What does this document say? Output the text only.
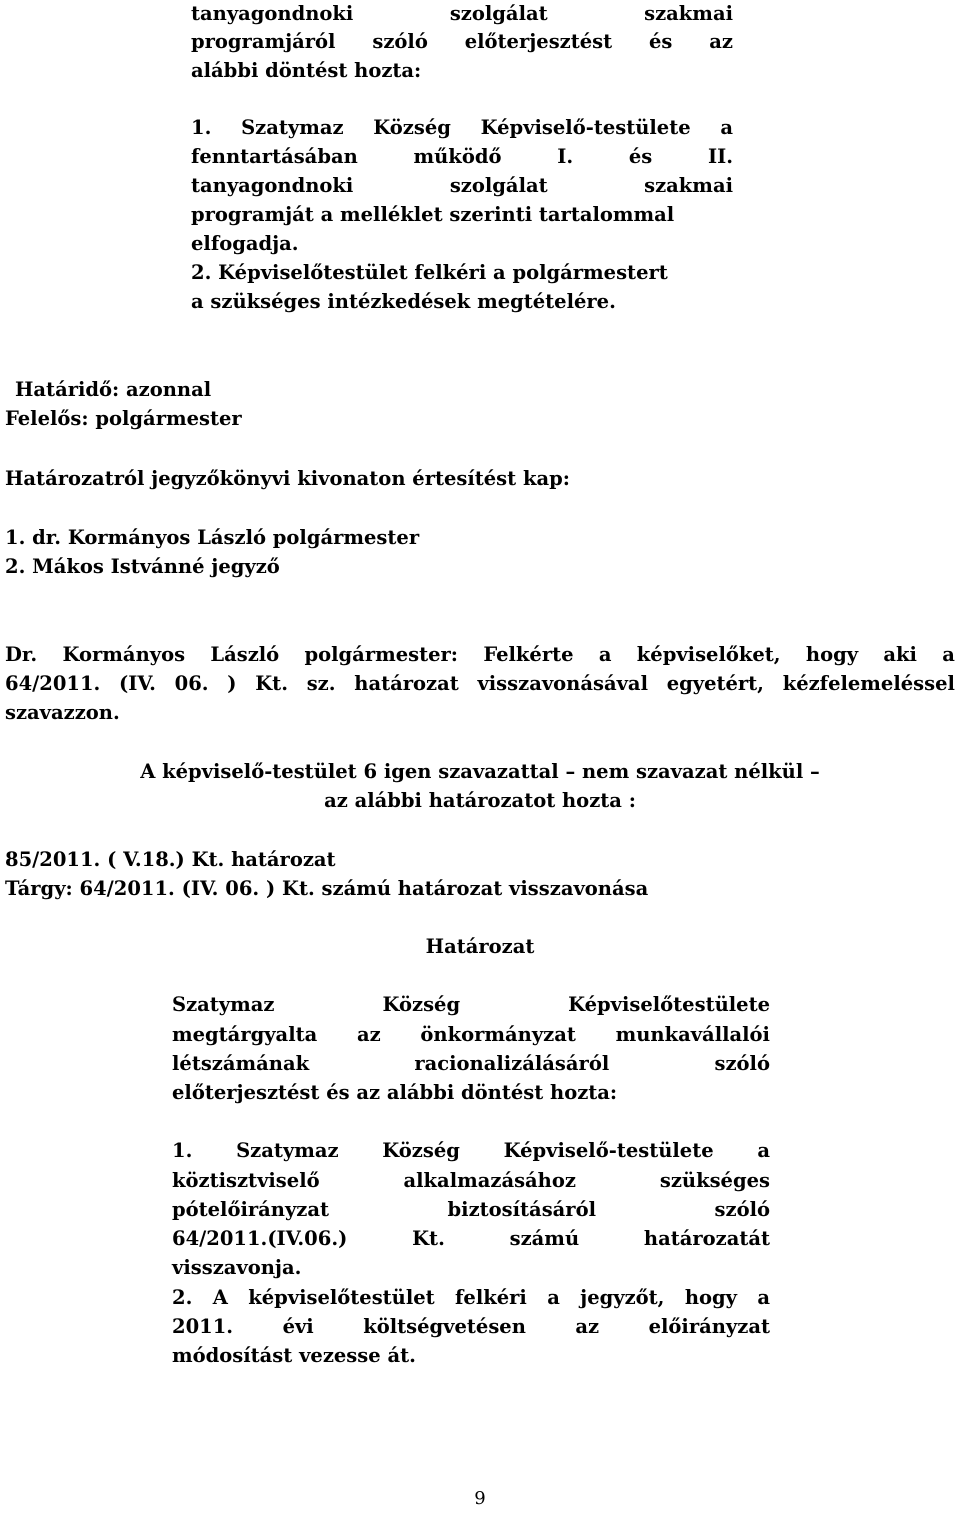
tanyagondnoki	szolgálat	szakmai
programjáról szóló előterjesztést és az
alábbi döntést hozta:
1. Szatymaz Község Képviselő-testülete a
fenntartásában	működő	I.	és	II.
tanyagondnoki	szolgálat	szakmai
programját a melléklet szerinti tartalommal
elfogadja.
2. Képviselőtestület felkéri a polgármestert
a szükséges intézkedések megtételére.
Határidő: azonnal
Felelős: polgármester
Határozatról jegyzőkönyvi kivonaton értesítést kap:
1. dr. Kormányos László polgármester
2. Mákos Istvánné jegyző
Dr. Kormányos László polgármester: Felkérte a képviselőket, hogy aki a
64/2011. (IV. 06. ) Kt. sz. határozat visszavonásával egyetért, kézfelemeléssel
szavazzon.
A képviselő-testület 6 igen szavazattal – nem szavazat nélkül –
az alábbi határozatot hozta :
85/2011. ( V.18.) Kt. határozat
Tárgy: 64/2011. (IV. 06. ) Kt. számú határozat visszavonása
Határozat
Szatymaz	Község	Képviselőtestülete
megtárgyalta az önkormányzat munkavállalói
létszámának	racionalizálásáról	szóló
előterjesztést és az alábbi döntést hozta:
1. Szatymaz Község Képviselő-testülete a
köztisztviselő	alkalmazásához	szükséges
pótelőirányzat	biztosításáról	szóló
64/2011.(IV.06.)	Kt.	számú	határozatát
visszavonja.
2. A képviselőtestület felkéri a jegyzőt, hogy a
2011.	évi	költségvetésen	az	előirányzat
módosítást vezesse át.
9
